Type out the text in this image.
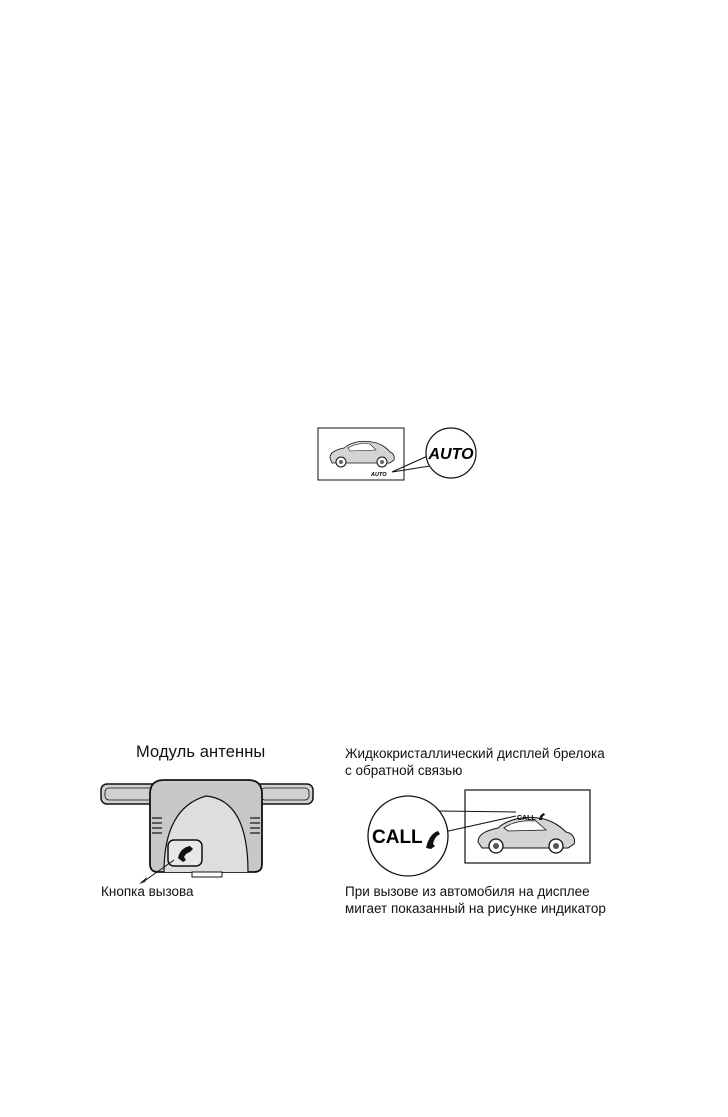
AUTO
AUTO
Модуль антенны
Кнопка вызова
Жидкокристаллический дисплей брелока
с обратной связью
CALL
CALL
При вызове из автомобиля на дисплее
мигает показанный на рисунке индикатор
